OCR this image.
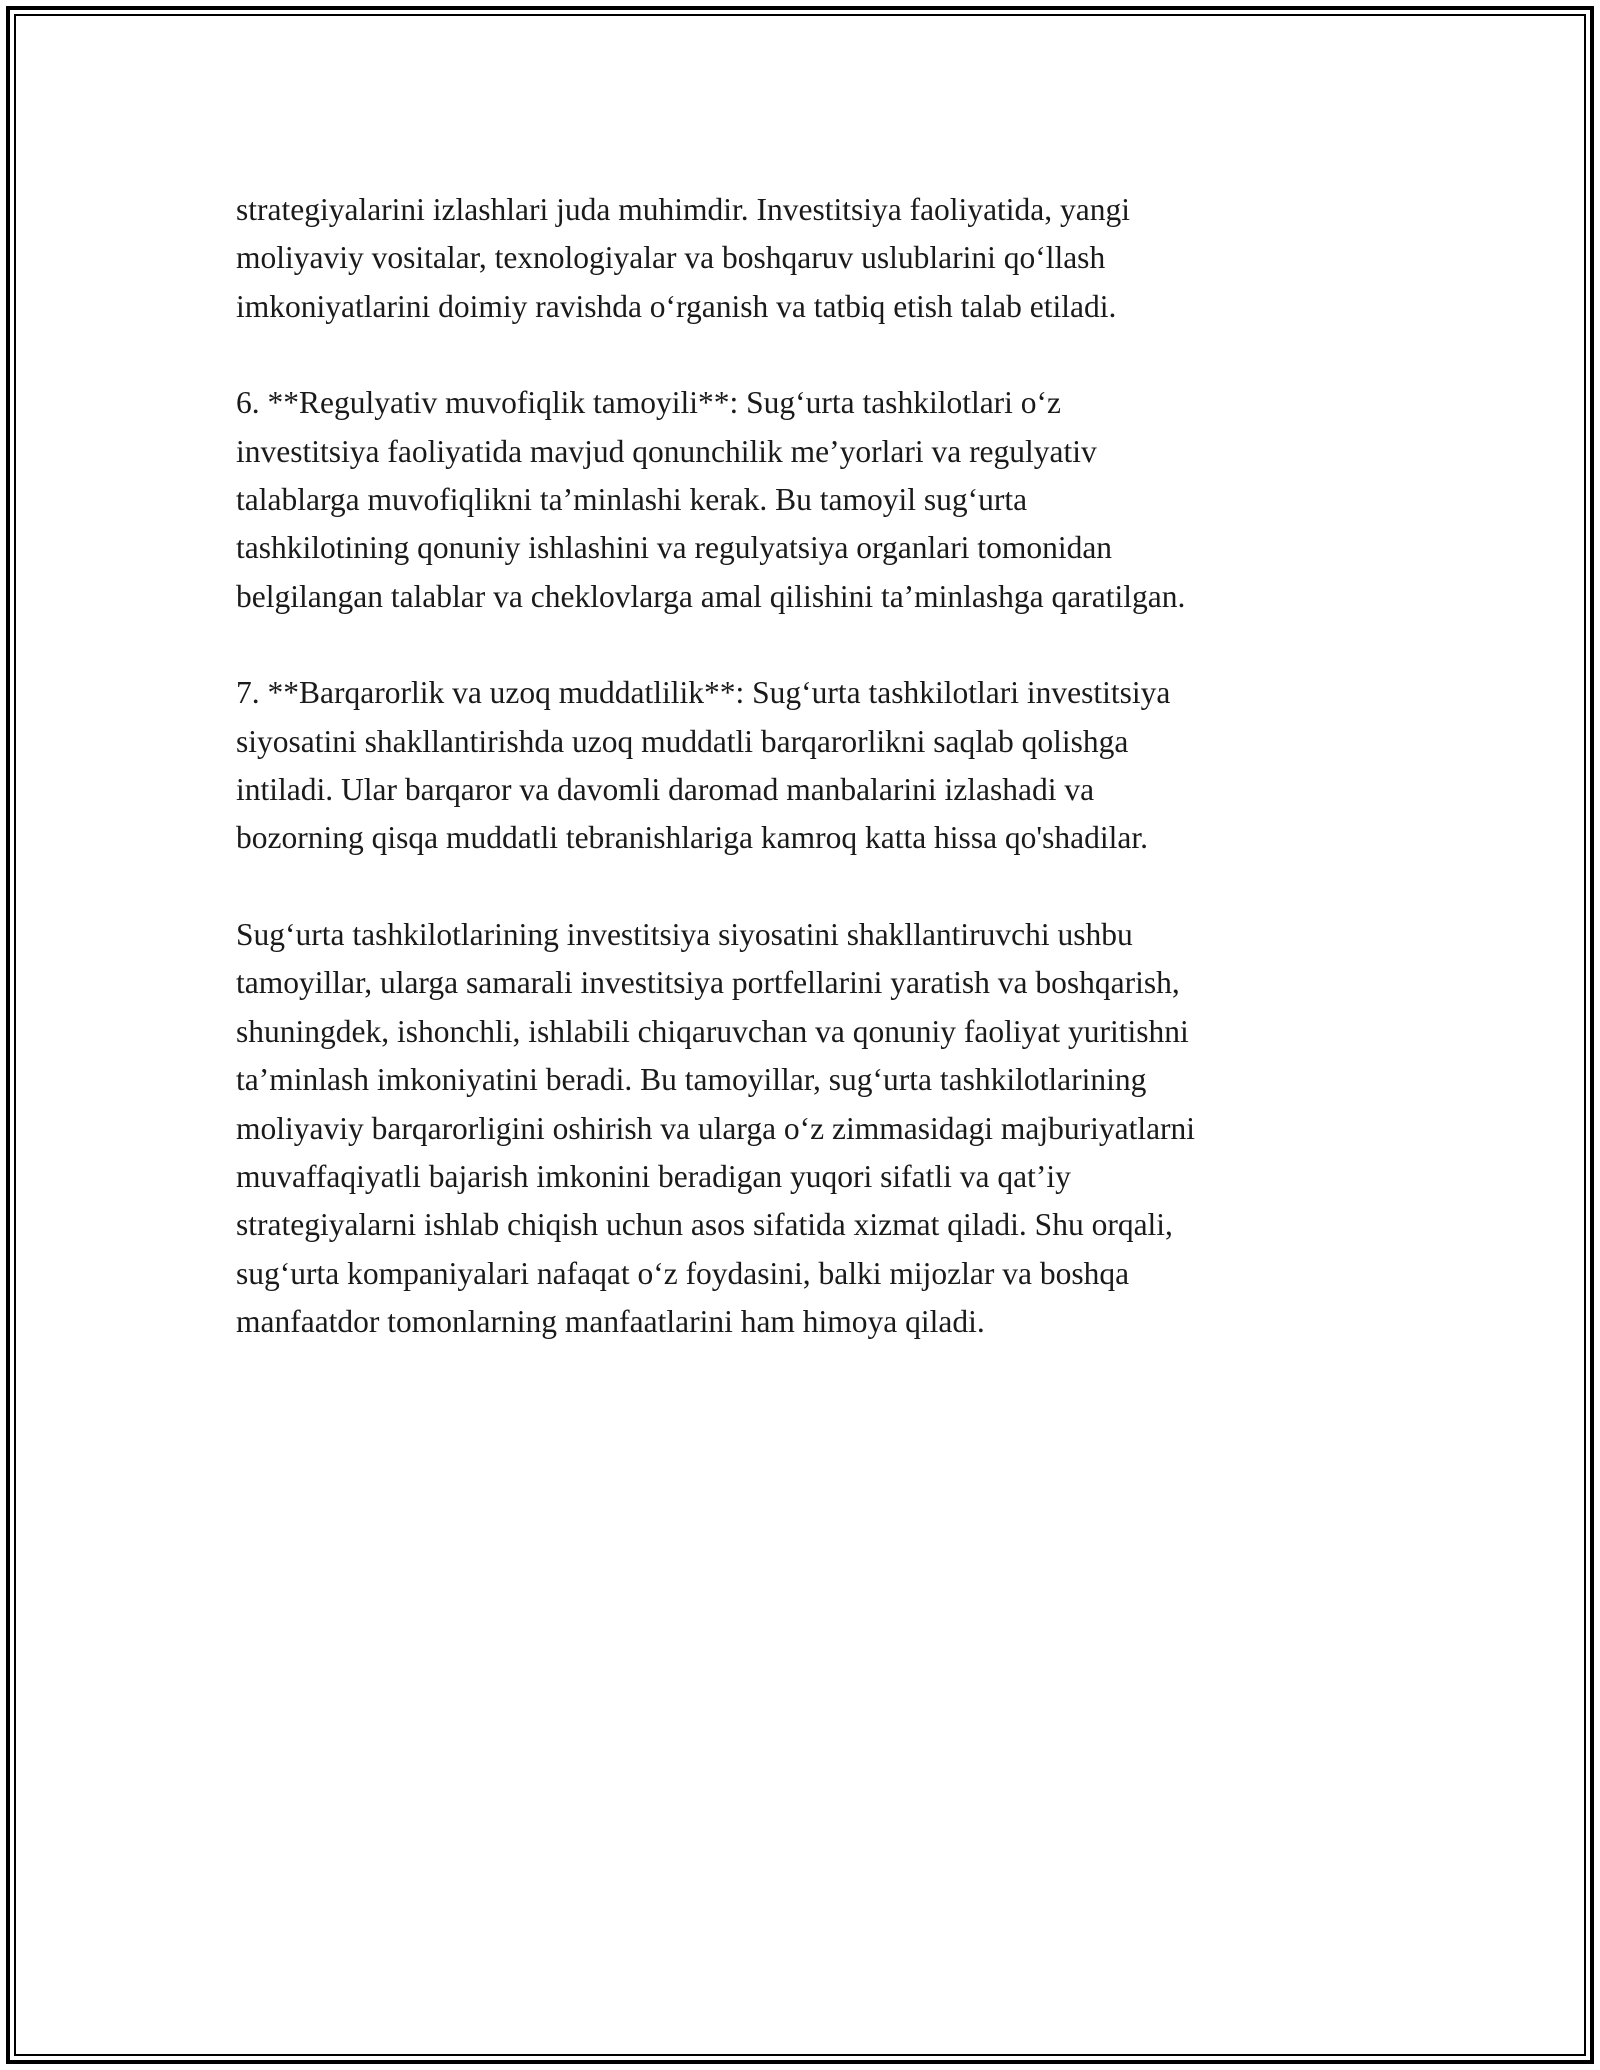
strategiyalarini izlashlari juda muhimdir. Investitsiya faoliyatida, yangi
moliyaviy vositalar, texnologiyalar va boshqaruv uslublarini qo‘llash
imkoniyatlarini doimiy ravishda o‘rganish va tatbiq etish talab etiladi.

6. **Regulyativ muvofiqlik tamoyili**: Sug‘urta tashkilotlari o‘z
investitsiya faoliyatida mavjud qonunchilik me’yorlari va regulyativ
talablarga muvofiqlikni ta’minlashi kerak. Bu tamoyil sug‘urta
tashkilotining qonuniy ishlashini va regulyatsiya organlari tomonidan
belgilangan talablar va cheklovlarga amal qilishini ta’minlashga qaratilgan.

7. **Barqarorlik va uzoq muddatlilik**: Sug‘urta tashkilotlari investitsiya
siyosatini shakllantirishda uzoq muddatli barqarorlikni saqlab qolishga
intiladi. Ular barqaror va davomli daromad manbalarini izlashadi va
bozorning qisqa muddatli tebranishlariga kamroq katta hissa qo'shadilar.

Sug‘urta tashkilotlarining investitsiya siyosatini shakllantiruvchi ushbu
tamoyillar, ularga samarali investitsiya portfellarini yaratish va boshqarish,
shuningdek, ishonchli, ishlabili chiqaruvchan va qonuniy faoliyat yuritishni
ta’minlash imkoniyatini beradi. Bu tamoyillar, sug‘urta tashkilotlarining
moliyaviy barqarorligini oshirish va ularga o‘z zimmasidagi majburiyatlarni
muvaffaqiyatli bajarish imkonini beradigan yuqori sifatli va qat’iy
strategiyalarni ishlab chiqish uchun asos sifatida xizmat qiladi. Shu orqali,
sug‘urta kompaniyalari nafaqat o‘z foydasini, balki mijozlar va boshqa
manfaatdor tomonlarning manfaatlarini ham himoya qiladi.
